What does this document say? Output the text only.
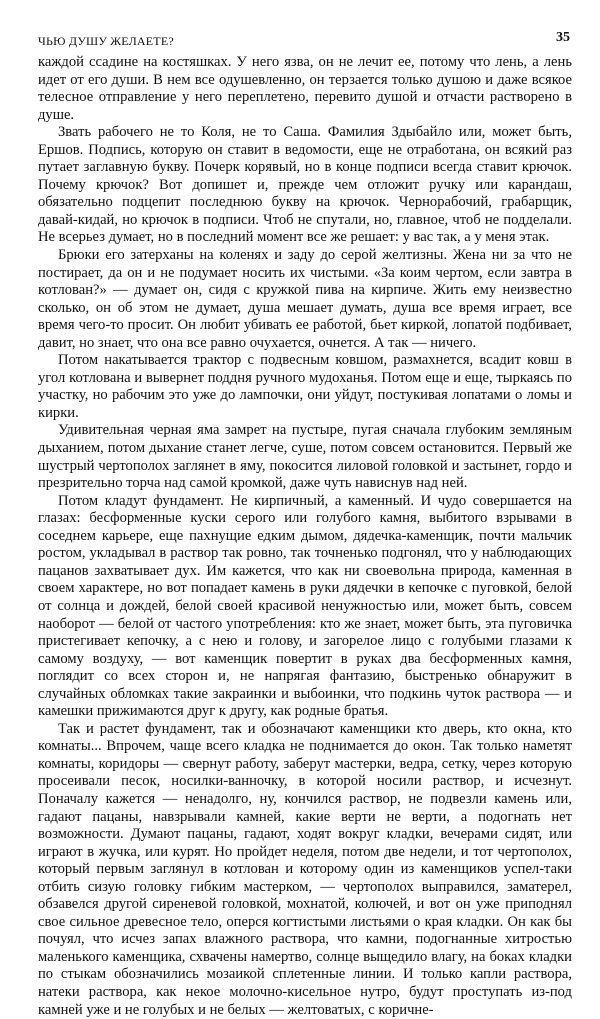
ЧЬЮ ДУШУ ЖЕЛАЕТЕ?	35

каждой ссадине на костяшках. У него язва, он не лечит ее, потому что лень, а лень идет от его души. В нем все одушевленно, он терзается только душою и даже всякое телесное отправление у него переплетено, перевито душой и отчасти растворено в душе.

Звать рабочего не то Коля, не то Саша. Фамилия Здыбайло или, может быть, Ершов. Подпись, которую он ставит в ведомости, еще не отработана, он всякий раз путает заглавную букву. Почерк корявый, но в конце подписи всегда ставит крючок. Почему крючок? Вот допишет и, прежде чем отложит ручку или карандаш, обязательно подцепит последнюю букву на крючок. Чернорабочий, грабарщик, давай-кидай, но крючок в подписи. Чтоб не спутали, но, главное, чтоб не подделали. Не всерьез думает, но в последний момент все же решает: у вас так, а у меня этак.

Брюки его затерханы на коленях и заду до серой желтизны. Жена ни за что не постирает, да он и не подумает носить их чистыми. «За коим чертом, если завтра в котлован?» — думает он, сидя с кружкой пива на кирпиче. Жить ему неизвестно сколько, он об этом не думает, душа мешает думать, душа все время играет, все время чего-то просит. Он любит убивать ее работой, бьет киркой, лопатой подбивает, давит, но знает, что она все равно очухается, очнется. А так — ничего.

Потом накатывается трактор с подвесным ковшом, размахнется, всадит ковш в угол котлована и вывернет поддня ручного мудоханья. Потом еще и еще, тыркаясь по участку, но рабочим это уже до лампочки, они уйдут, постукивая лопатами о ломы и кирки.

Удивительная черная яма замрет на пустыре, пугая сначала глубоким земляным дыханием, потом дыхание станет легче, суше, потом совсем остановится. Первый же шустрый чертополох заглянет в яму, покосится лиловой головкой и застынет, гордо и презрительно торча над самой кромкой, даже чуть нависнув над ней.

Потом кладут фундамент. Не кирпичный, а каменный. И чудо совершается на глазах: бесформенные куски серого или голубого камня, выбитого взрывами в соседнем карьере, еще пахнущие едким дымом, дядечка-каменщик, почти мальчик ростом, укладывал в раствор так ровно, так точненько подгонял, что у наблюдающих пацанов захватывает дух. Им кажется, что как ни своевольна природа, каменная в своем характере, но вот попадает камень в руки дядечки в кепочке с пуговкой, белой от солнца и дождей, белой своей красивой ненужностью или, может быть, совсем наоборот — белой от частого употребления: кто же знает, может быть, эта пуговичка пристегивает кепочку, а с нею и голову, и загорелое лицо с голубыми глазами к самому воздуху, — вот каменщик повертит в руках два бесформенных камня, поглядит со всех сторон и, не напрягая фантазию, быстренько обнаружит в случайных обломках такие закраинки и выбоинки, что подкинь чуток раствора — и камешки прижимаются друг к другу, как родные братья.

Так и растет фундамент, так и обозначают каменщики кто дверь, кто окна, кто комнаты... Впрочем, чаще всего кладка не поднимается до окон. Так только наметят комнаты, коридоры — свернут работу, заберут мастерки, ведра, сетку, через которую просеивали песок, носилки-ванночку, в которой носили раствор, и исчезнут. Поначалу кажется — ненадолго, ну, кончился раствор, не подвезли камень или, гадают пацаны, навзрывали камней, какие верти не верти, а подогнать нет возможности. Думают пацаны, гадают, ходят вокруг кладки, вечерами сидят, или играют в жучка, или курят. Но пройдет неделя, потом две недели, и тот чертополох, который первым заглянул в котлован и которому один из каменщиков успел-таки отбить сизую головку гибким мастерком, — чертополох выправился, заматерел, обзавелся другой сиреневой головкой, мохнатой, колючей, и вот он уже приподнял свое сильное древесное тело, оперся когтистыми листьями о края кладки. Он как бы почуял, что исчез запах влажного раствора, что камни, подогнанные хитростью маленького каменщика, схвачены намертво, солнце выщедило влагу, на боках кладки по стыкам обозначились мозаикой сплетенные линии. И только капли раствора, натеки раствора, как некое молочно-кисельное нутро, будут проступать из-под камней уже и не голубых и не белых — желтоватых, с коричне-
